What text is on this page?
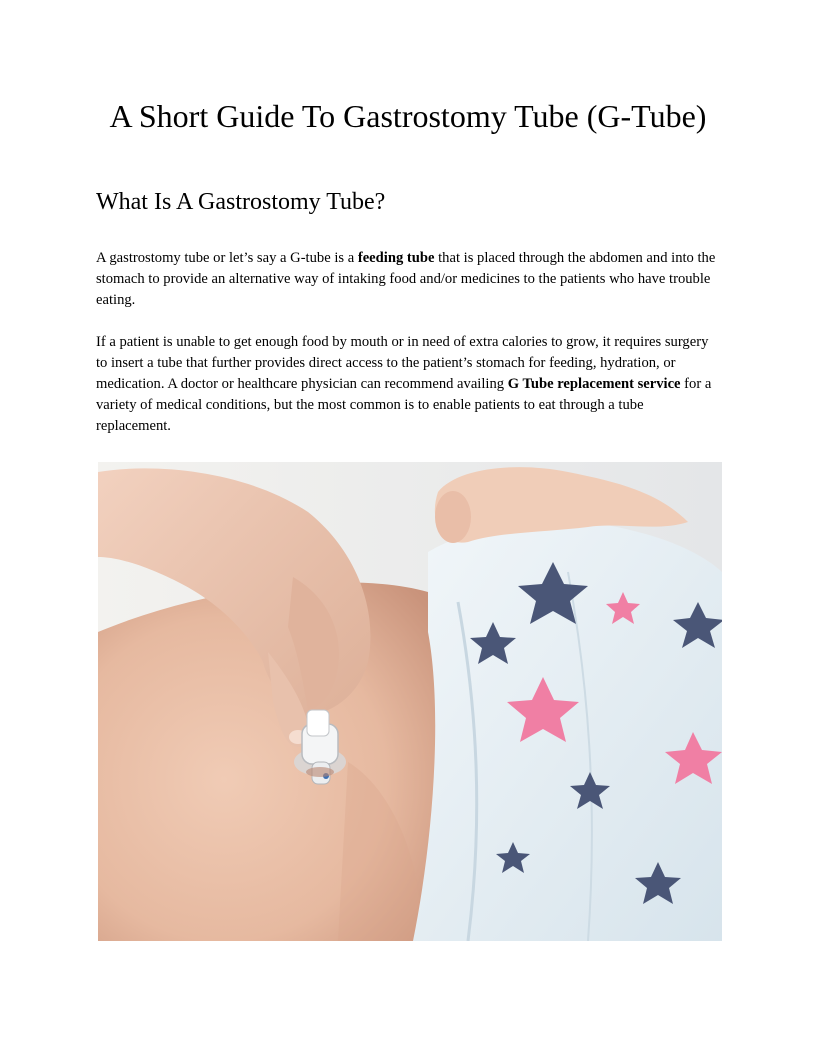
A Short Guide To Gastrostomy Tube (G-Tube)
What Is A Gastrostomy Tube?

A gastrostomy tube or let’s say a G-tube is a feeding tube that is placed through the abdomen and into the stomach to provide an alternative way of intaking food and/or medicines to the patients who have trouble eating.

If a patient is unable to get enough food by mouth or in need of extra calories to grow, it requires surgery to insert a tube that further provides direct access to the patient’s stomach for feeding, hydration, or medication. A doctor or healthcare physician can recommend availing G Tube replacement service for a variety of medical conditions, but the most common is to enable patients to eat through a tube replacement.
